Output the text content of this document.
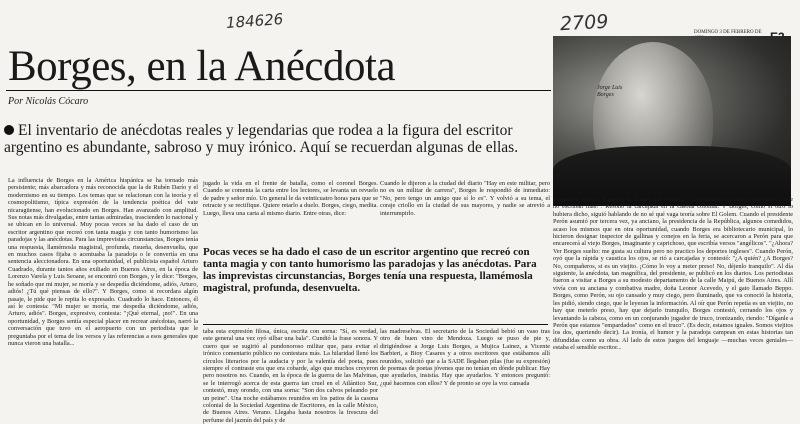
184626	2709	DOMINGO 3 DE FEBRERO DE
Borges, en la Anécdota
Por Nicolás Cócaro
El inventario de anécdotas reales y legendarias que rodea a la figura del escritor argentino es abundante, sabroso y muy irónico. Aquí se recuerdan algunas de ellas.
Jorge Luis
Borges

La influencia de Borges en la América hispánica se ha tornado más persistente; más abarcadora y más reconocida que la de Rubén Darío y el modernismo en su tiempo. Los temas que se relacionan con la teoría y el cosmopolitismo, típica expresión de la tendencia poética del vate nicaragüense, han evolucionado en Borges. Han avanzado con amplitud. Sus notas más divulgadas, entre tantas admiradas, trascienden lo nacional y se ubican en lo universal. Muy pocas veces se ha dado el caso de un escritor argentino que recreó con tanta magia y con tanto humorismo las paradojas y las anécdotas. Para las imprevistas circunstancias, Borges tenía una respuesta, llamémosla magistral, profunda, risueña, desenvuelta, que en muchos casos fijaba o acentuaba la paradoja o le convertía en una sentencia aleccionadora. En una oportunidad, el publicista español Arturo Cuadrado, durante tantos años exiliado en Buenos Aires, en la época de Lorenzo Varela y Luis Seoane, se encontró con Borges, y le dice: "Borges, he soñado que mi mujer, se moría y se despedía diciéndome, adiós, Arturo, adiós! ¿Tú qué piensas de ello?". Y Borges, como si recordara algún pasaje, le pide que le repita lo expresado. Cuadrado lo hace. Entonces, él así le contesta: "Mi mujer se moría, me despedía diciéndome, adiós, Arturo, adiós". Borges, expresivo, contesta: "¡Qué eternal, ¡no!". En una oportunidad, y Borges sentía especial placer en recrear anécdotas, narró la conversación que tuvo en el aeropuerto con un periodista que le preguntaba por el tema de los versos y las referencias a esos generales que nunca vieron una batalla...

jugado la vida en el frente de batalla, como el coronel Borges. Cuando se comenta la carta entre los lectores, se levanta un revuelo de padre y señor mío. Un general le da veinticuatro horas para que se retracte y se rectifique. Quiere retarlo a duelo. Borges, ciego, medita. Luego, lleva una carta al mismo diario. Entre otras, dice:

Cuando le dijeron a la ciudad del diario "Hay en este militar, pero no es un militar de carrera", Borges le respondió de inmediato: "No, pero tengo un amigo que sí lo es". Y volvió a su tema, el coraje criollo en la ciudad de sus mayores, y nadie se atrevió a interrumpirlo.

Pocas veces se ha dado el caso de un escritor argentino que recreó con tanta magia y con tanto humorismo las paradojas y las anécdotas. Para las imprevistas circunstancias, Borges tenía una respuesta, llamémosla magistral, profunda, desenvuelta.

taba esta expresión filosa, única, escrita con sorna: "Sí, es verdad, este general una vez oyó silbar una bala". Cundió la frase sonora. Y cuero que se sugirió al pundonoroso militar que, para evitar el irónico comentario público no contestara más. La hilaridad llenó los círculos literarios por la audacia y por la valentía del poeta, pues siempre el contraste era que era cobarde, algo que muchos creyeron pero nosotros no. Cuando, en la época de la guerra de las Malvinas, se le interrogó acerca de esta guerra tan cruel en el Atlántico Sur, contestó, muy orondo, con una sorna: "Son dos calvos peleando por un peine". Una noche estábamos reunidos en los patios de la casona colonial de la Sociedad Argentina de Escritores, en la calle México, de Buenos Aires. Verano. Llegaba hasta nosotros la frescura del perfume del jazmín del país y de

las madreselvas. El secretario de la Sociedad bebió un vaso tras otro de buen vino de Mendoza. Luego se puso de pie y, dirigiéndose a Jorge Luis Borges, a Mujica Lainez, a Vicente Barbieri, a Bioy Casares y a otros escritores que estábamos allí reunidos, solicitó que a la SADE llegaban pilas (fue su expresión) de poemas de poetas jóvenes que no tenían en dónde publicar. Hay que ayudarlos, insistía. Hay que ayudarlos. Y entonces preguntó: ¿qué hacemos con ellos? Y de pronto se oye la voz cansada

y pausada, típica y lugareña de Borges que enfatiza: "¡Disuadirlos, mi amigo, disuadirlos! que no escriban más!". Resonó la carcajada en la casona colonial. Y Borges, como si otro lo hubiera dicho, siguió hablando de no sé qué vaga teoría sobre El Golem. Cuando el presidente Perón asumió por tercera vez, ya anciano, la presidencia de la República, algunos comedidos, acaso los mismos que en otra oportunidad, cuando Borges era bibliotecario municipal, lo hicieron designar inspector de gallinas y conejos en la feria, se acercaron a Perón para que encarecerá al viejo Borges, imaginante y caprichoso, que escribía versos "angélicos". "¿Ahora? Ver Borges suelto: me gusta su cultura pero no practico los deportes ingleses". Cuando Perón, oyó que la rápida y caustica los ojos, se rió a carcajadas y contestó: "¿A quién? ¿A Borges? No, compañeros, si es un viejito. ¡Cómo lo voy a meter preso! No, déjenlo tranquilo". Al día siguiente, la anécdota, tan magnífica, del presidente, se publicó en los diarios. Los periodistas fueron a visitar a Borges a su modesto departamento de la calle Maipú, de Buenos Aires. Allí vivía con su anciana y combativa madre, doña Leonor Acevedo, y el gato llamado Beppo. Borges, como Perón, su ojo cansado y muy ciego, pero iluminado, que va conoció la historia, les pidió, siendo ciego, que le leyeran la información. Al oír que Perón repetía es un viejito, no hay que meterlo preso, hay que dejarlo tranquilo, Borges contestó, cerrando los ojos y levantando la cabeza, como en un conjurando jugador de truco, ironizando, riendo: "Díganle a Perón que estamos "empardados" como en el truco". (Es decir, estamos iguales. Somos viejitos los dos, queriendo decir). La ironía, el humor y la paradoja campean en estas historias tan difundidas como su obra. Al lado de estos juegos del lenguaje —muchas veces geniales— estaba el sensible escritor...
